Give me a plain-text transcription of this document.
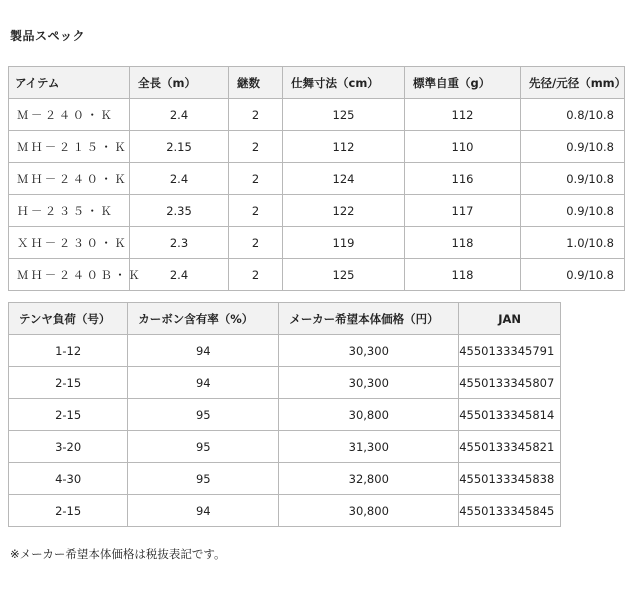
製品スペック
アイテム	全長（m）	継数	仕舞寸法（cm）	標準自重（g）	先径/元径（mm）
Ｍ－２４０・Ｋ	2.4	2	125	112	0.8/10.8
ＭＨ－２１５・Ｋ	2.15	2	112	110	0.9/10.8
ＭＨ－２４０・Ｋ	2.4	2	124	116	0.9/10.8
Ｈ－２３５・Ｋ	2.35	2	122	117	0.9/10.8
ＸＨ－２３０・Ｋ	2.3	2	119	118	1.0/10.8
ＭＨ－２４０Ｂ・Ｋ	2.4	2	125	118	0.9/10.8
テンヤ負荷（号）	カーボン含有率（%）	メーカー希望本体価格（円）	JAN
1-12	94	30,300	4550133345791
2-15	94	30,300	4550133345807
2-15	95	30,800	4550133345814
3-20	95	31,300	4550133345821
4-30	95	32,800	4550133345838
2-15	94	30,800	4550133345845
※メーカー希望本体価格は税抜表記です。
